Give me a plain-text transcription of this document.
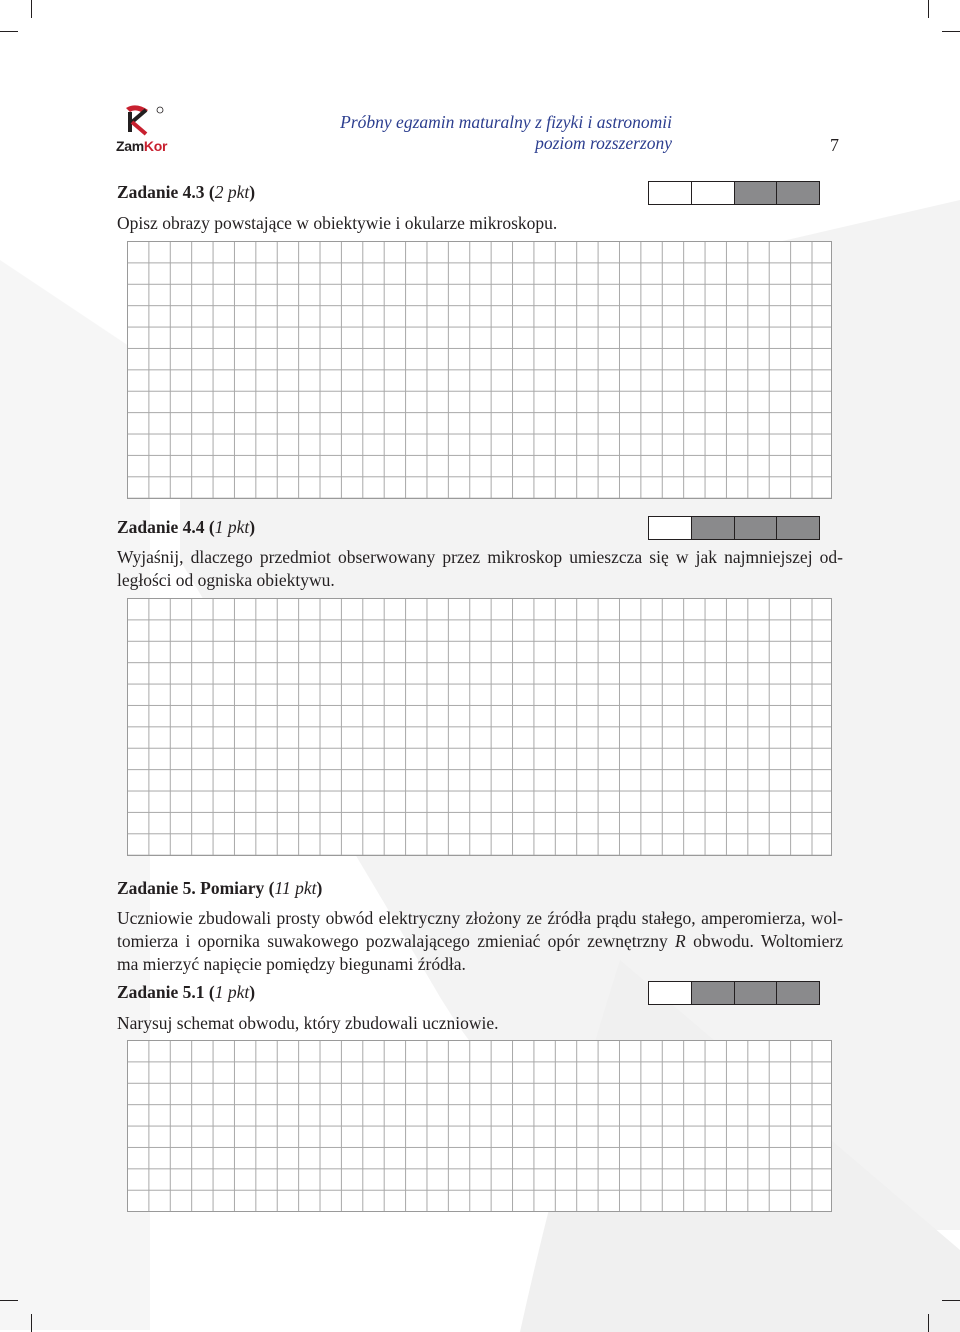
ZamKor
Próbny egzamin maturalny z fizyki i astronomii
poziom rozszerzony	7
Zadanie 4.3 (2 pkt)
Opisz obrazy powstające w obiektywie i okularze mikroskopu.
Zadanie 4.4 (1 pkt)
Wyjaśnij, dlaczego przedmiot obserwowany przez mikroskop umieszcza się w jak najmniejszej od-
ległości od ogniska obiektywu.
Zadanie 5. Pomiary (11 pkt)
Uczniowie zbudowali prosty obwód elektryczny złożony ze źródła prądu stałego, amperomierza, wol-
tomierza i opornika suwakowego pozwalającego zmieniać opór zewnętrzny R obwodu. Woltomierz
ma mierzyć napięcie pomiędzy biegunami źródła.
Zadanie 5.1 (1 pkt)
Narysuj schemat obwodu, który zbudowali uczniowie.
